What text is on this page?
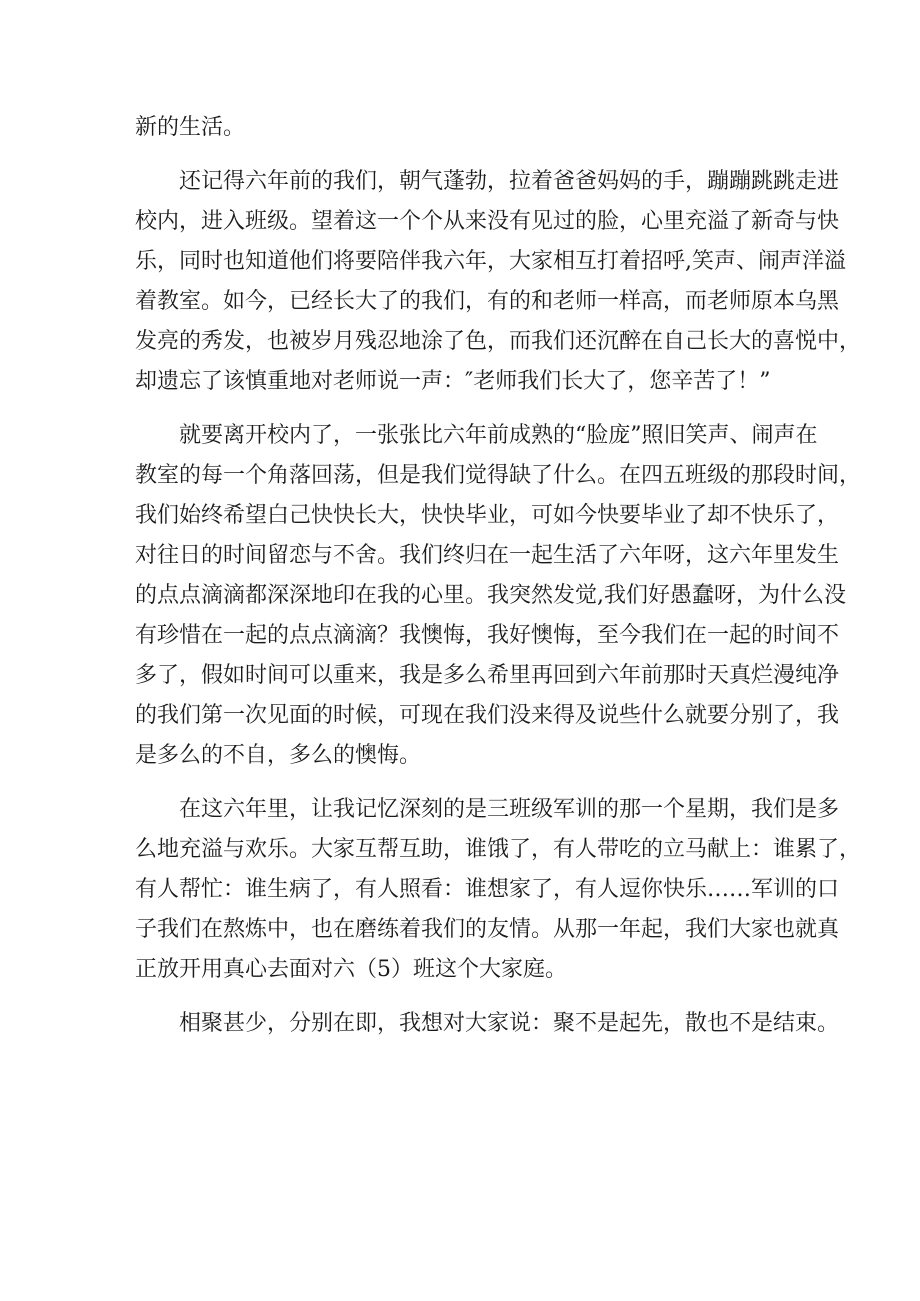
新的生活。
还记得六年前的我们，朝气蓬勃，拉着爸爸妈妈的手，蹦蹦跳跳走进
校内，进入班级。望着这一个个从来没有见过的脸，心里充溢了新奇与快
乐，同时也知道他们将要陪伴我六年，大家相互打着招呼,笑声、闹声洋溢
着教室。如今，已经长大了的我们，有的和老师一样高，而老师原本乌黑
发亮的秀发，也被岁月残忍地涂了色，而我们还沉醉在自己长大的喜悦中，
却遗忘了该慎重地对老师说一声：″老师我们长大了，您辛苦了！”
就要离开校内了，一张张比六年前成熟的“脸庞”照旧笑声、闹声在
教室的每一个角落回荡，但是我们觉得缺了什么。在四五班级的那段时间，
我们始终希望白己快快长大，快快毕业，可如今快要毕业了却不快乐了，
对往日的时间留恋与不舍。我们终归在一起生活了六年呀，这六年里发生
的点点滴滴都深深地印在我的心里。我突然发觉,我们好愚蠢呀，为什么没
有珍惜在一起的点点滴滴？我懊悔，我好懊悔，至今我们在一起的时间不
多了，假如时间可以重来，我是多么希里再回到六年前那时天真烂漫纯净
的我们第一次见面的时候，可现在我们没来得及说些什么就要分别了，我
是多么的不自，多么的懊悔。
在这六年里，让我记忆深刻的是三班级军训的那一个星期，我们是多
么地充溢与欢乐。大家互帮互助，谁饿了，有人带吃的立马献上：谁累了，
有人帮忙：谁生病了，有人照看：谁想家了，有人逗你快乐……军训的口
子我们在熬炼中，也在磨练着我们的友情。从那一年起，我们大家也就真
正放开用真心去面对六（5）班这个大家庭。
相聚甚少，分别在即，我想对大家说：聚不是起先，散也不是结束。
